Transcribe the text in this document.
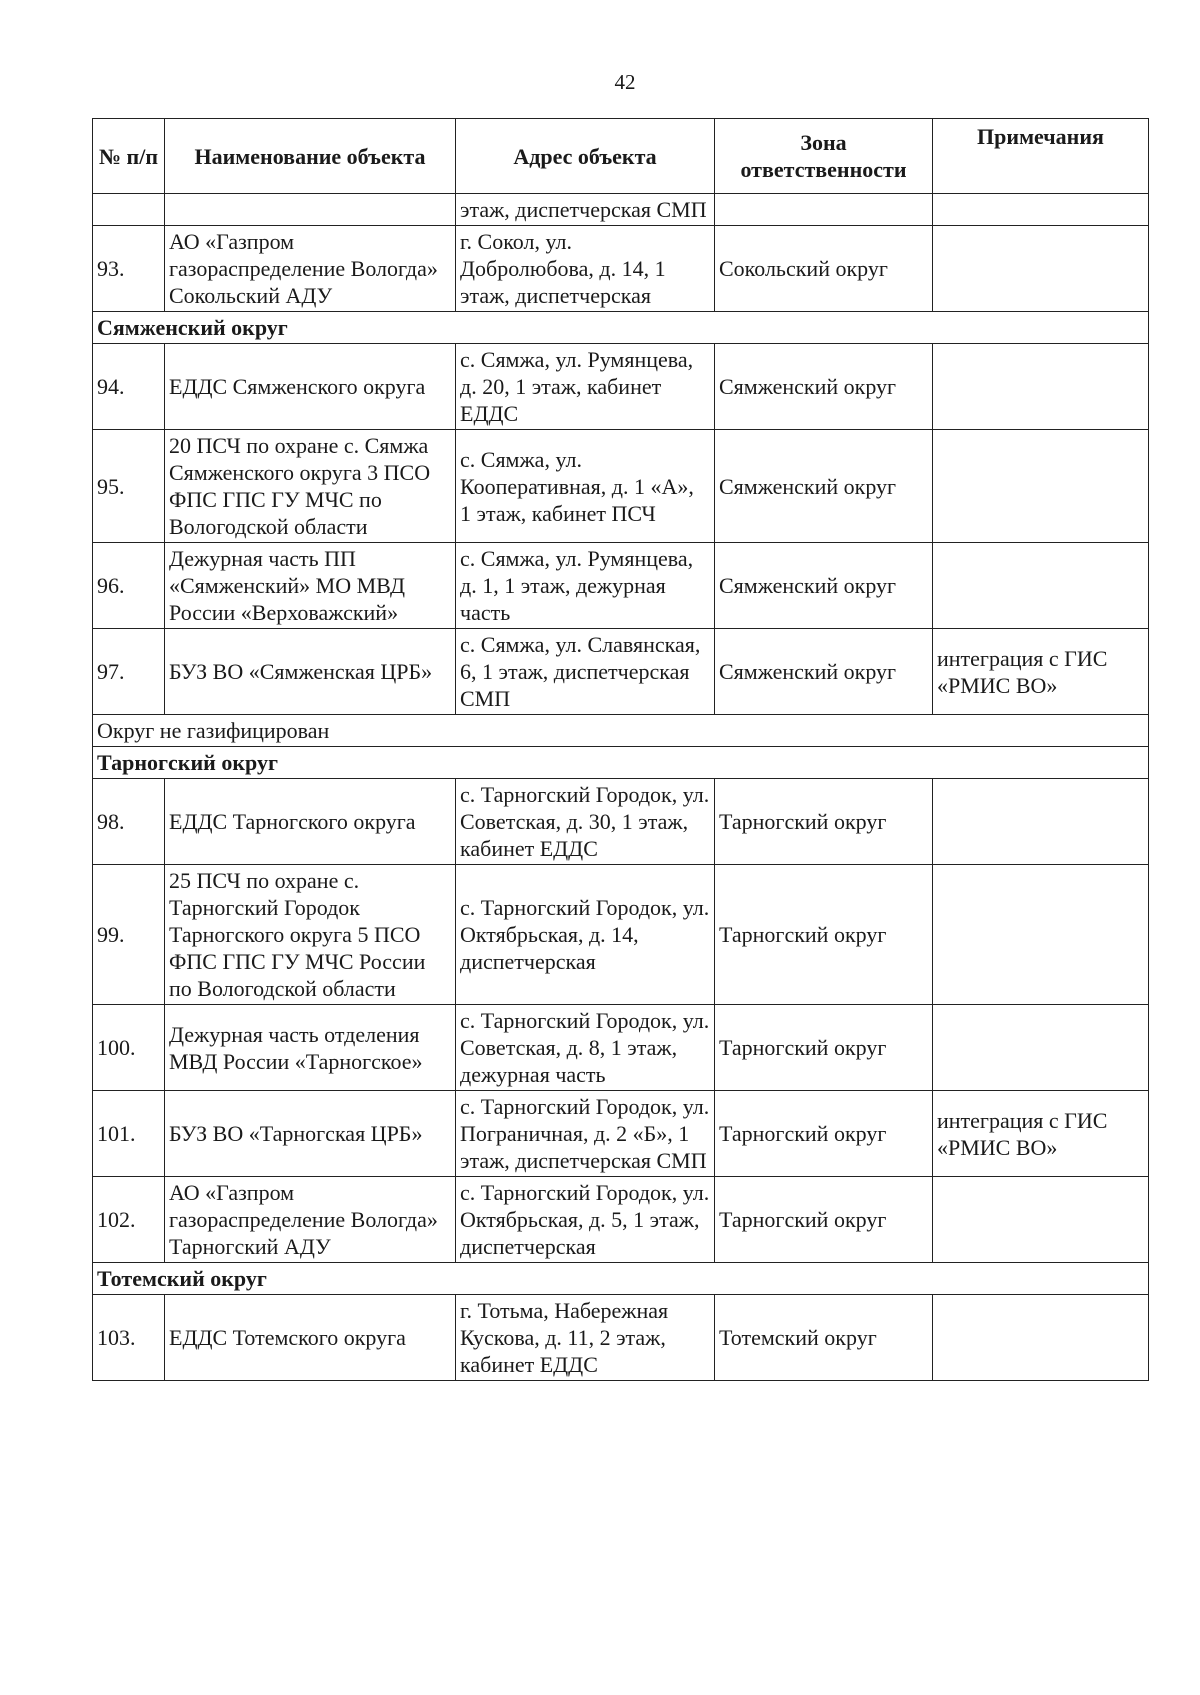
42
№ п/п	Наименование объекта	Адрес объекта	Зона ответственности	Примечания
		этаж, диспетчерская СМП		
93.	АО «Газпром газораспределение Вологда» Сокольский АДУ	г. Сокол, ул. Добролюбова, д. 14, 1 этаж, диспетчерская	Сокольский округ	
Сямженский округ				
94.	ЕДДС Сямженского округа	с. Сямжа, ул. Румянцева, д. 20, 1 этаж, кабинет ЕДДС	Сямженский округ	
95.	20 ПСЧ по охране с. Сямжа Сямженского округа 3 ПСО ФПС ГПС ГУ МЧС по Вологодской области	с. Сямжа, ул. Кооперативная, д. 1 «А», 1 этаж, кабинет ПСЧ	Сямженский округ	
96.	Дежурная часть ПП «Сямженский» МО МВД России «Верховажский»	с. Сямжа, ул. Румянцева, д. 1, 1 этаж, дежурная часть	Сямженский округ	
97.	БУЗ ВО «Сямженская ЦРБ»	с. Сямжа, ул. Славянская, 6, 1 этаж, диспетчерская СМП	Сямженский округ	интеграция с ГИС «РМИС ВО»
Округ не газифицирован				
Тарногский округ				
98.	ЕДДС Тарногского округа	с. Тарногский Городок, ул. Советская, д. 30, 1 этаж, кабинет ЕДДС	Тарногский округ	
99.	25 ПСЧ по охране с. Тарногский Городок Тарногского округа 5 ПСО ФПС ГПС ГУ МЧС России по Вологодской области	с. Тарногский Городок, ул. Октябрьская, д. 14, диспетчерская	Тарногский округ	
100.	Дежурная часть отделения МВД России «Тарногское»	с. Тарногский Городок, ул. Советская, д. 8, 1 этаж, дежурная часть	Тарногский округ	
101.	БУЗ ВО «Тарногская ЦРБ»	с. Тарногский Городок, ул. Пограничная, д. 2 «Б», 1 этаж, диспетчерская СМП	Тарногский округ	интеграция с ГИС «РМИС ВО»
102.	АО «Газпром газораспределение Вологда» Тарногский АДУ	с. Тарногский Городок, ул. Октябрьская, д. 5, 1 этаж, диспетчерская	Тарногский округ	
Тотемский округ				
103.	ЕДДС Тотемского округа	г. Тотьма, Набережная Кускова, д. 11, 2 этаж, кабинет ЕДДС	Тотемский округ	
